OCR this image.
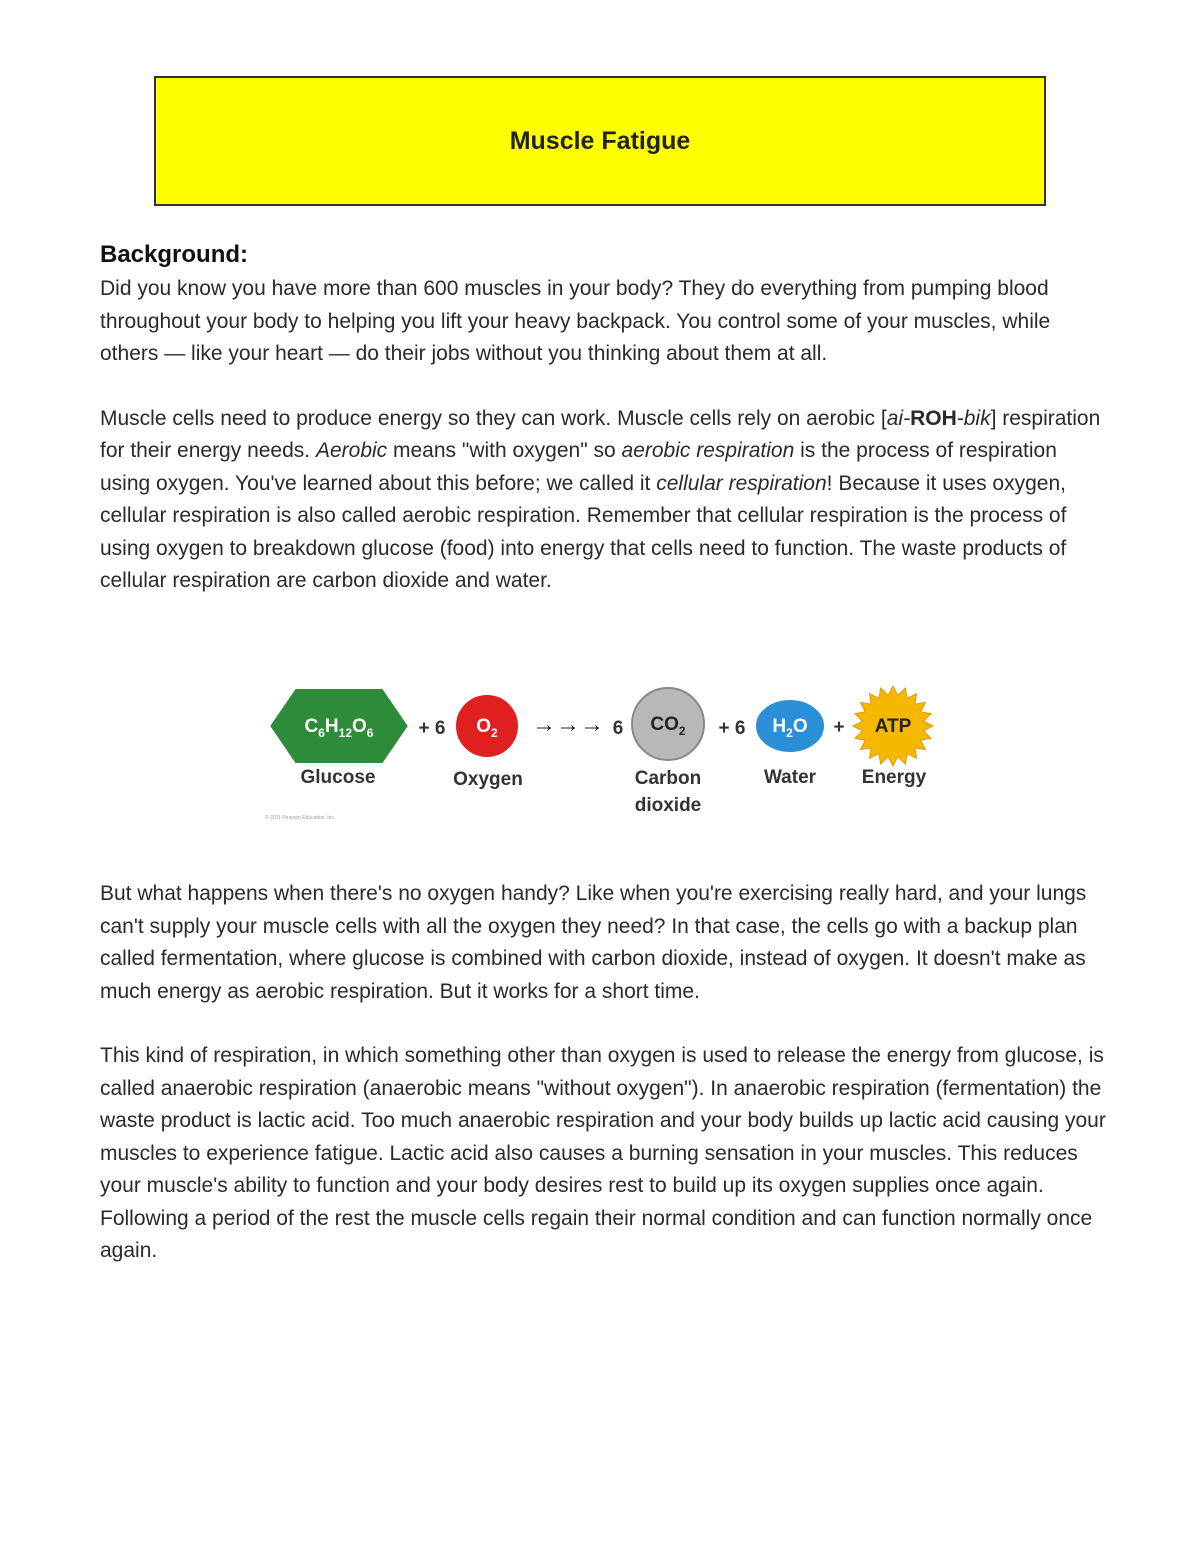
Muscle Fatigue
Background:

Did you know you have more than 600 muscles in your body? They do everything from pumping blood throughout your body to helping you lift your heavy backpack. You control some of your muscles, while others — like your heart — do their jobs without you thinking about them at all.

Muscle cells need to produce energy so they can work. Muscle cells rely on aerobic [ai-ROH-bik] respiration for their energy needs. Aerobic means "with oxygen" so aerobic respiration is the process of respiration using oxygen. You've learned about this before; we called it cellular respiration! Because it uses oxygen, cellular respiration is also called aerobic respiration. Remember that cellular respiration is the process of using oxygen to breakdown glucose (food) into energy that cells need to function. The waste products of cellular respiration are carbon dioxide and water.

$C_6H_{12}O_6 + 6$ $O_2$ →→→ 6 $CO_2 + 6$ $H_2O$ + ATP
Glucose	Oxygen	Carbon
dioxide
Water Energy
© 2011 Pearson Education, Inc.

But what happens when there's no oxygen handy? Like when you're exercising really hard, and your lungs can't supply your muscle cells with all the oxygen they need? In that case, the cells go with a backup plan called fermentation, where glucose is combined with carbon dioxide, instead of oxygen. It doesn't make as much energy as aerobic respiration. But it works for a short time.

This kind of respiration, in which something other than oxygen is used to release the energy from glucose, is called anaerobic respiration (anaerobic means "without oxygen"). In anaerobic respiration (fermentation) the waste product is lactic acid. Too much anaerobic respiration and your body builds up lactic acid causing your muscles to experience fatigue. Lactic acid also causes a burning sensation in your muscles. This reduces your muscle's ability to function and your body desires rest to build up its oxygen supplies once again. Following a period of the rest the muscle cells regain their normal condition and can function normally once again.
